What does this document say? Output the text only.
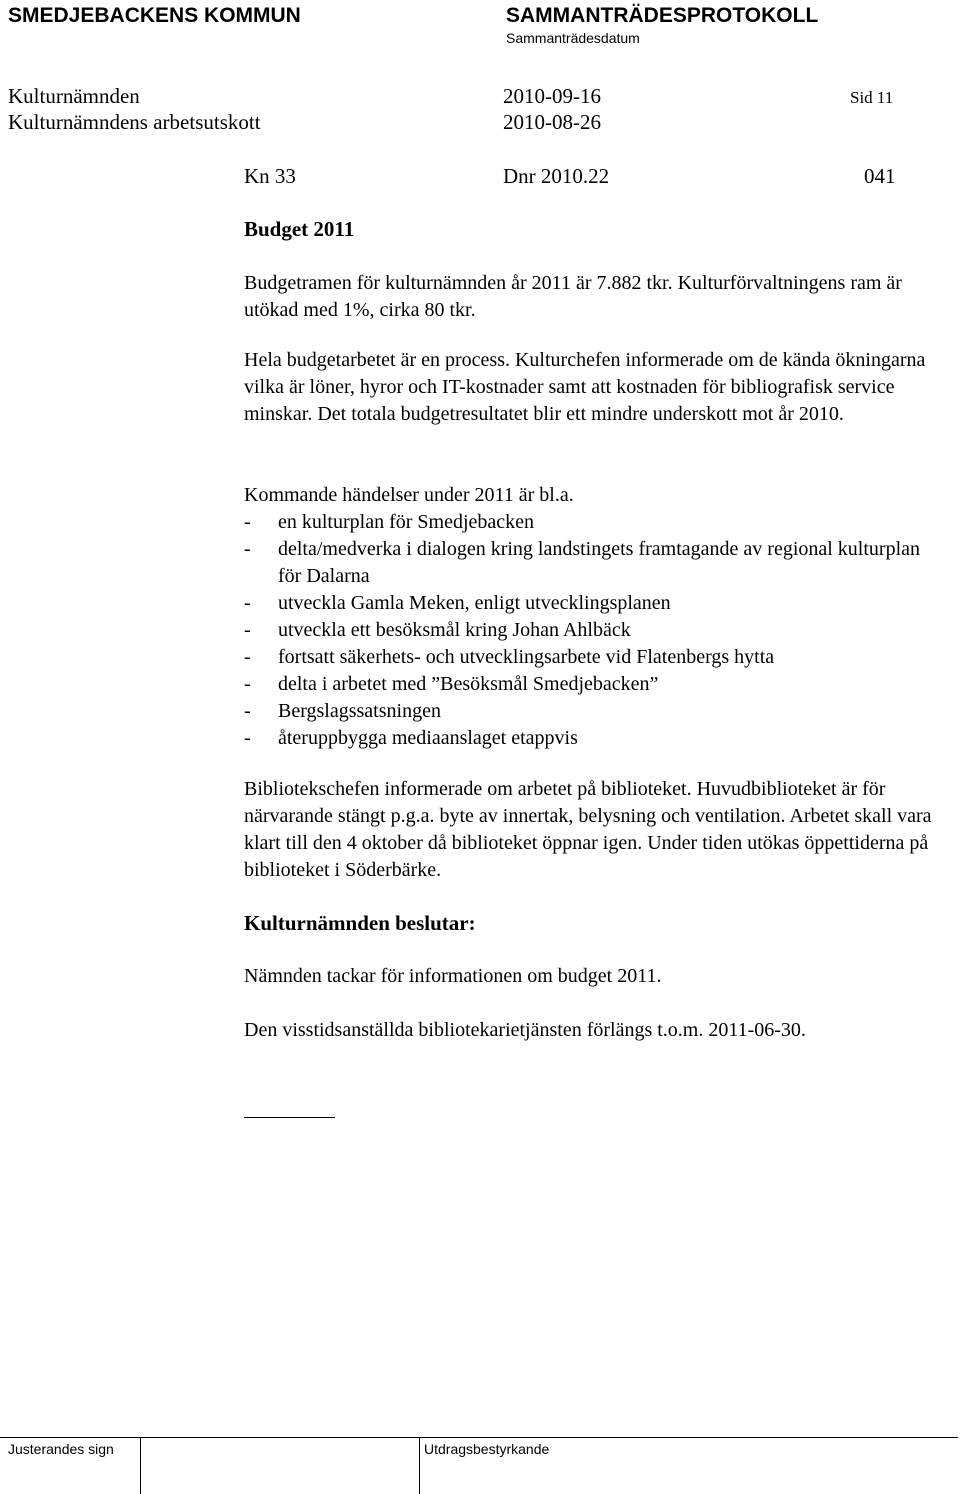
SMEDJEBACKENS KOMMUN	SAMMANTRÄDESPROTOKOLL
Sammanträdesdatum
Kulturnämnden	2010-09-16	Sid 11
Kulturnämndens arbetsutskott	2010-08-26
Kn 33	Dnr 2010.22	041
Budget 2011
Budgetramen för kulturnämnden år 2011 är 7.882 tkr. Kulturförvaltningens ram är utökad med 1%, cirka 80 tkr.
Hela budgetarbetet är en process. Kulturchefen informerade om de kända ökningarna vilka är löner, hyror och IT-kostnader samt att kostnaden för bibliografisk service minskar. Det totala budgetresultatet blir ett mindre underskott mot år 2010.
Kommande händelser under 2011 är bl.a.
- en kulturplan för Smedjebacken
- delta/medverka i dialogen kring landstingets framtagande av regional kulturplan för Dalarna
- utveckla Gamla Meken, enligt utvecklingsplanen
- utveckla ett besöksmål kring Johan Ahlbäck
- fortsatt säkerhets- och utvecklingsarbete vid Flatenbergs hytta
- delta i arbetet med ”Besöksmål Smedjebacken”
- Bergslagssatsningen
- återuppbygga mediaanslaget etappvis
Bibliotekschefen informerade om arbetet på biblioteket. Huvudbiblioteket är för närvarande stängt p.g.a. byte av innertak, belysning och ventilation. Arbetet skall vara klart till den 4 oktober då biblioteket öppnar igen. Under tiden utökas öppettiderna på biblioteket i Söderbärke.
Kulturnämnden beslutar:
Nämnden tackar för informationen om budget 2011.
Den visstidsanställda bibliotekarietjänsten förlängs t.o.m. 2011-06-30.
Justerandes sign	Utdragsbestyrkande
